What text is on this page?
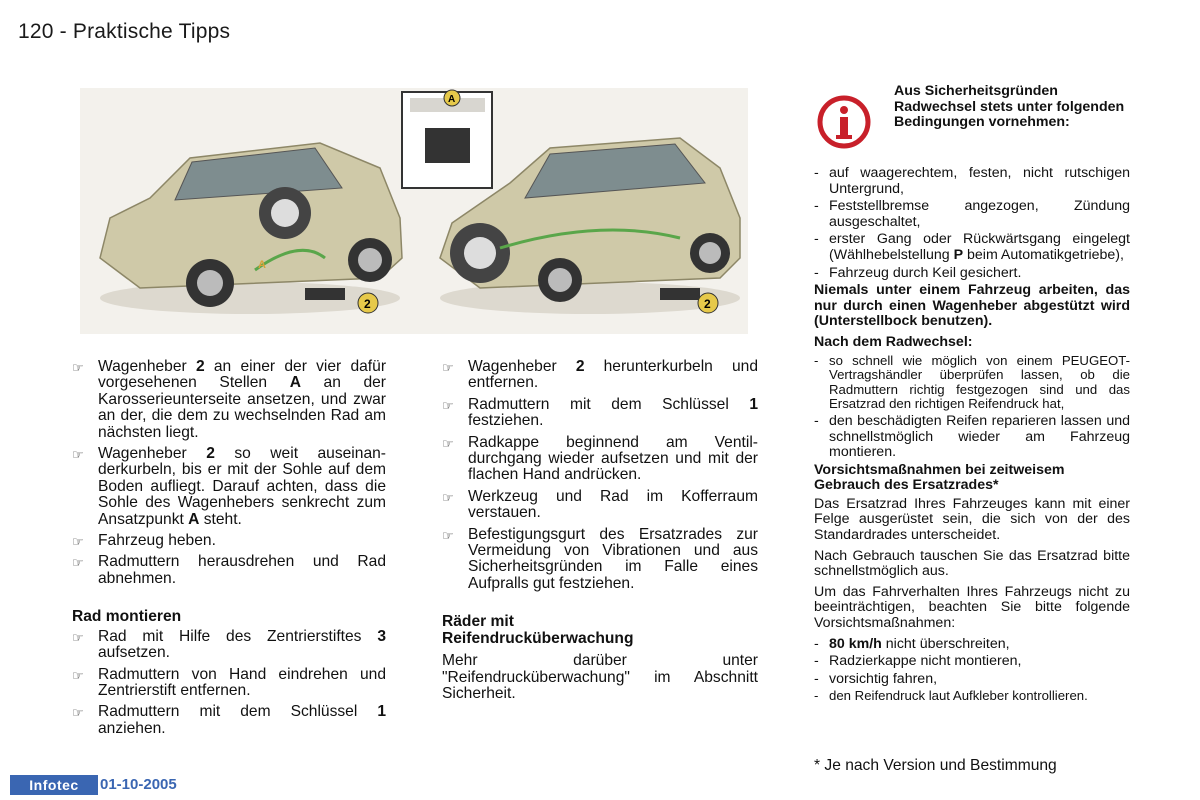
120 - Praktische Tipps
2
A
A
2
☞ Wagenheber 2 an einer der vier dafür vorgesehenen Stellen A an der Karosserieunterseite ansetzen, und zwar an der, die dem zu wechselnden Rad am nächsten liegt.
☞ Wagenheber 2 so weit auseinanderkurbeln, bis er mit der Sohle auf dem Boden aufliegt. Darauf achten, dass die Sohle des Wagenhebers senkrecht zum Ansatzpunkt A steht.
☞ Fahrzeug heben.
☞ Radmuttern herausdrehen und Rad abnehmen.
Rad montieren
☞ Rad mit Hilfe des Zentrierstiftes 3 aufsetzen.
☞ Radmuttern von Hand eindrehen und Zentrierstift entfernen.
☞ Radmuttern mit dem Schlüssel 1 anziehen.
☞ Wagenheber 2 herunterkurbeln und entfernen.
☞ Radmuttern mit dem Schlüssel 1 festziehen.
☞ Radkappe beginnend am Ventildurchgang wieder aufsetzen und mit der flachen Hand andrücken.
☞ Werkzeug und Rad im Kofferraum verstauen.
☞ Befestigungsgurt des Ersatzrades zur Vermeidung von Vibrationen und aus Sicherheitsgründen im Falle eines Aufpralls gut festziehen.
Räder mit
Reifendrucküberwachung
Mehr darüber unter "Reifendrucküberwachung" im Abschnitt Sicherheit.
Aus Sicherheitsgründen Radwechsel stets unter folgenden Bedingungen vornehmen:
- auf waagerechtem, festen, nicht rutschigen Untergrund,
- Feststellbremse angezogen, Zündung ausgeschaltet,
- erster Gang oder Rückwärtsgang eingelegt (Wählhebelstellung P beim Automatikgetriebe),
- Fahrzeug durch Keil gesichert.
Niemals unter einem Fahrzeug arbeiten, das nur durch einen Wagenheber abgestützt wird (Unterstellbock benutzen).
Nach dem Radwechsel:
- so schnell wie möglich von einem PEUGEOT-Vertragshändler überprüfen lassen, ob die Radmuttern richtig festgezogen sind und das Ersatzrad den richtigen Reifendruck hat,
- den beschädigten Reifen reparieren lassen und schnellstmöglich wieder am Fahrzeug montieren.
Vorsichtsmaßnahmen bei zeitweisem Gebrauch des Ersatzrades*
Das Ersatzrad Ihres Fahrzeuges kann mit einer Felge ausgerüstet sein, die sich von der des Standardrades unterscheidet.
Nach Gebrauch tauschen Sie das Ersatzrad bitte schnellstmöglich aus.
Um das Fahrverhalten Ihres Fahrzeugs nicht zu beeinträchtigen, beachten Sie bitte folgende Vorsichtsmaßnahmen:
- 80 km/h nicht überschreiten,
- Radzierkappe nicht montieren,
- vorsichtig fahren,
- den Reifendruck laut Aufkleber kontrollieren.
* Je nach Version und Bestimmung
Infotec	01-10-2005
